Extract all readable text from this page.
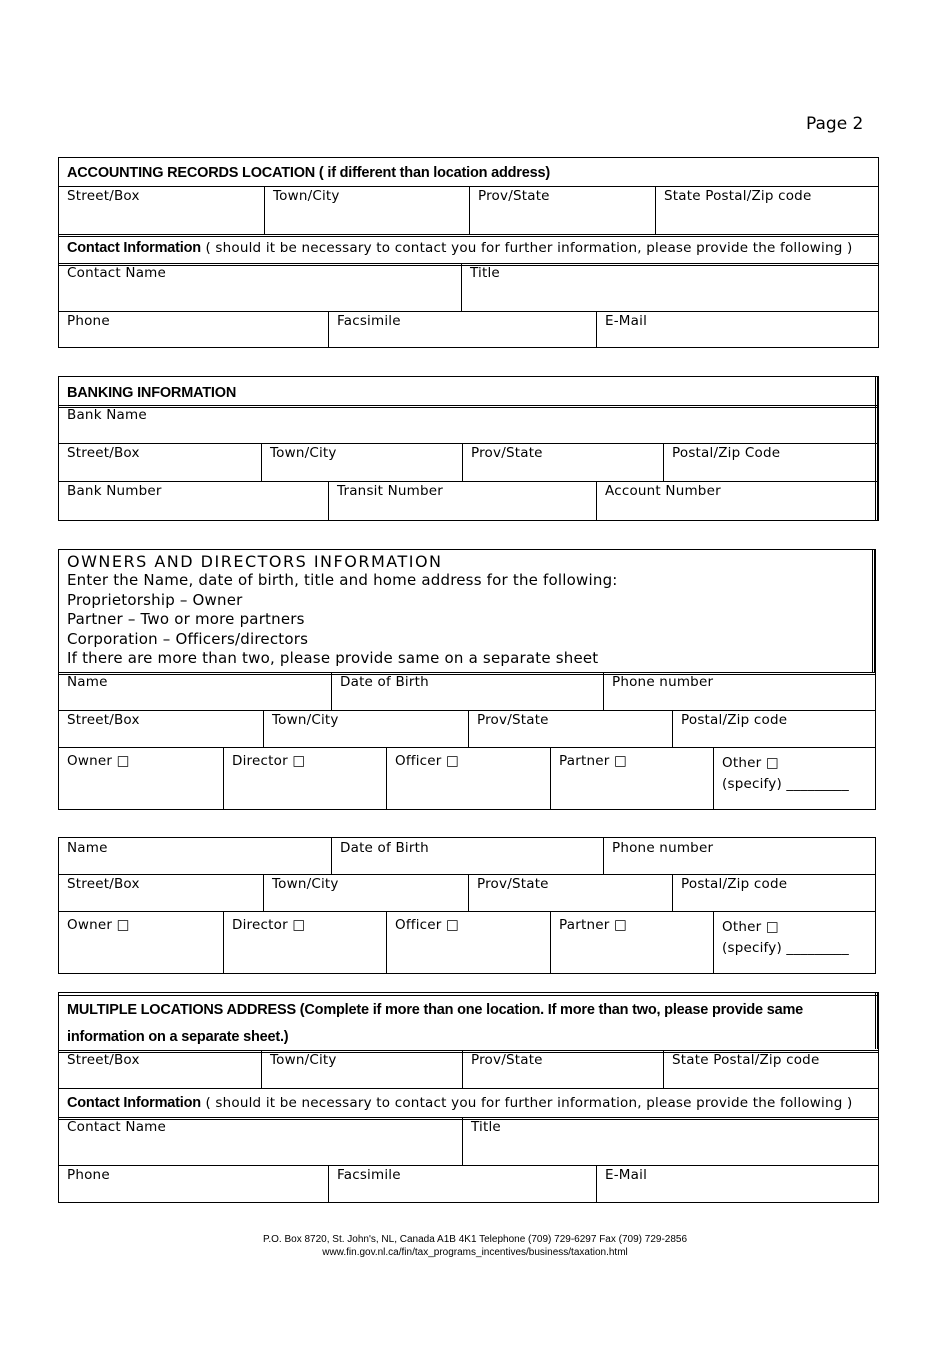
Page 2
ACCOUNTING RECORDS LOCATION ( if different than location address)
Street/Box	Town/City	Prov/State	State Postal/Zip code
Contact Information ( should it be necessary to contact you for further information, please provide the following )
Contact Name	Title
Phone	Facsimile	E-Mail
BANKING INFORMATION
Bank Name
Street/Box	Town/City	Prov/State	Postal/Zip Code
Bank Number	Transit Number	Account Number
OWNERS AND DIRECTORS INFORMATION
Enter the Name, date of birth, title and home address for the following:
Proprietorship – Owner
Partner – Two or more partners
Corporation – Officers/directors
If there are more than two, please provide same on a separate sheet
Name	Date of Birth	Phone number
Street/Box	Town/City	Prov/State	Postal/Zip code
Owner □	Director □	Officer □	Partner □	Other □
(specify) _________
Name	Date of Birth	Phone number
Street/Box	Town/City	Prov/State	Postal/Zip code
Owner □	Director □	Officer □	Partner □	Other □
(specify) _________
MULTIPLE LOCATIONS ADDRESS (Complete if more than one location. If more than two, please provide same
information on a separate sheet.)
Street/Box	Town/City	Prov/State	State Postal/Zip code
Contact Information ( should it be necessary to contact you for further information, please provide the following )
Contact Name	Title
Phone	Facsimile	E-Mail
P.O. Box 8720, St. John's, NL, Canada A1B 4K1 Telephone (709) 729-6297 Fax (709) 729-2856
www.fin.gov.nl.ca/fin/tax_programs_incentives/business/taxation.html
